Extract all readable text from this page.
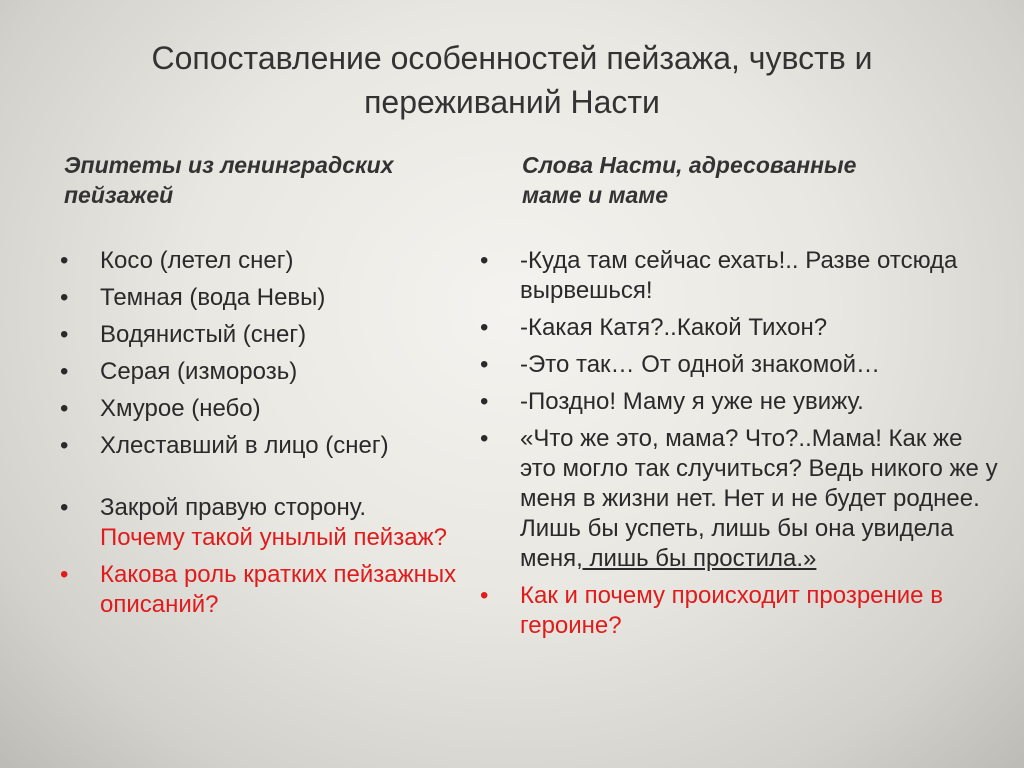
Сопоставление особенностей пейзажа, чувств и
переживаний Насти
Эпитеты из ленинградских
пейзажей
•	Косо (летел снег)
•	Темная (вода Невы)
•	Водянистый (снег)
•	Серая (изморозь)
•	Хмурое (небо)
•	Хлеставший в лицо (снег)
•	Закрой правую сторону.
Почему такой унылый пейзаж?
•	Какова роль кратких пейзажных описаний?
Слова Насти, адресованные
маме и маме
•	-Куда там сейчас ехать!.. Разве отсюда вырвешься!
•	-Какая Катя?..Какой Тихон?
•	-Это так… От одной знакомой…
•	-Поздно! Маму я уже не увижу.
•	«Что же это, мама? Что?..Мама! Как же это могло так случиться? Ведь никого же у меня в жизни нет. Нет и не будет роднее. Лишь бы успеть, лишь бы она увидела меня, лишь бы простила.»
•	Как и почему происходит прозрение в героине?
